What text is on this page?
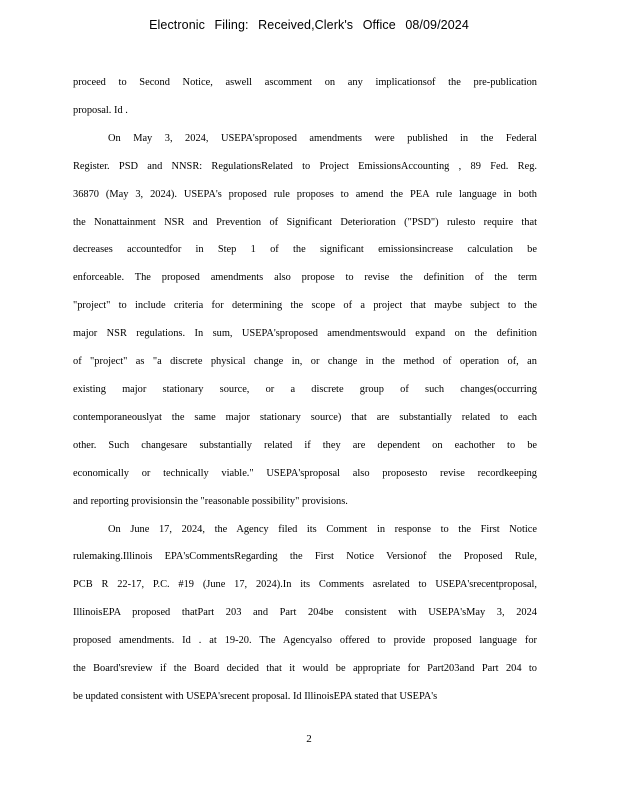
Electronic Filing: Received,Clerk's Office 08/09/2024
proceed to Second Notice, aswell ascomment on any implicationsof the pre-publication
proposal. Id .
On May 3, 2024, USEPA'sproposed amendments were published in the Federal
Register. PSD and NNSR: RegulationsRelated to Project EmissionsAccounting , 89 Fed. Reg.
36870 (May 3, 2024). USEPA's proposed rule proposes to amend the PEA rule language in both
the Nonattainment NSR and Prevention of Significant Deterioration ("PSD") rulesto require that
decreases accountedfor in Step 1 of the significant emissionsincrease calculation be
enforceable. The proposed amendments also propose to revise the definition of the term
"project" to include criteria for determining the scope of a project that maybe subject to the
major NSR regulations. In sum, USEPA'sproposed amendmentswould expand on the definition
of "project" as "a discrete physical change in, or change in the method of operation of, an
existing major stationary source, or a discrete group of such changes(occurring
contemporaneouslyat the same major stationary source) that are substantially related to each
other. Such changesare substantially related if they are dependent on eachother to be
economically or technically viable." USEPA'sproposal also proposesto revise recordkeeping
and reporting provisionsin the "reasonable possibility" provisions.
On June 17, 2024, the Agency filed its Comment in response to the First Notice
rulemaking.Illinois EPA'sCommentsRegarding the First Notice Versionof the Proposed Rule,
PCB R 22-17, P.C. #19 (June 17, 2024).In its Comments asrelated to USEPA'srecentproposal,
IllinoisEPA proposed thatPart 203 and Part 204be consistent with USEPA'sMay 3, 2024
proposed amendments. Id . at 19-20. The Agencyalso offered to provide proposed language for
the Board'sreview if the Board decided that it would be appropriate for Part203and Part 204 to
be updated consistent with USEPA'srecent proposal. Id IllinoisEPA stated that USEPA's
2
